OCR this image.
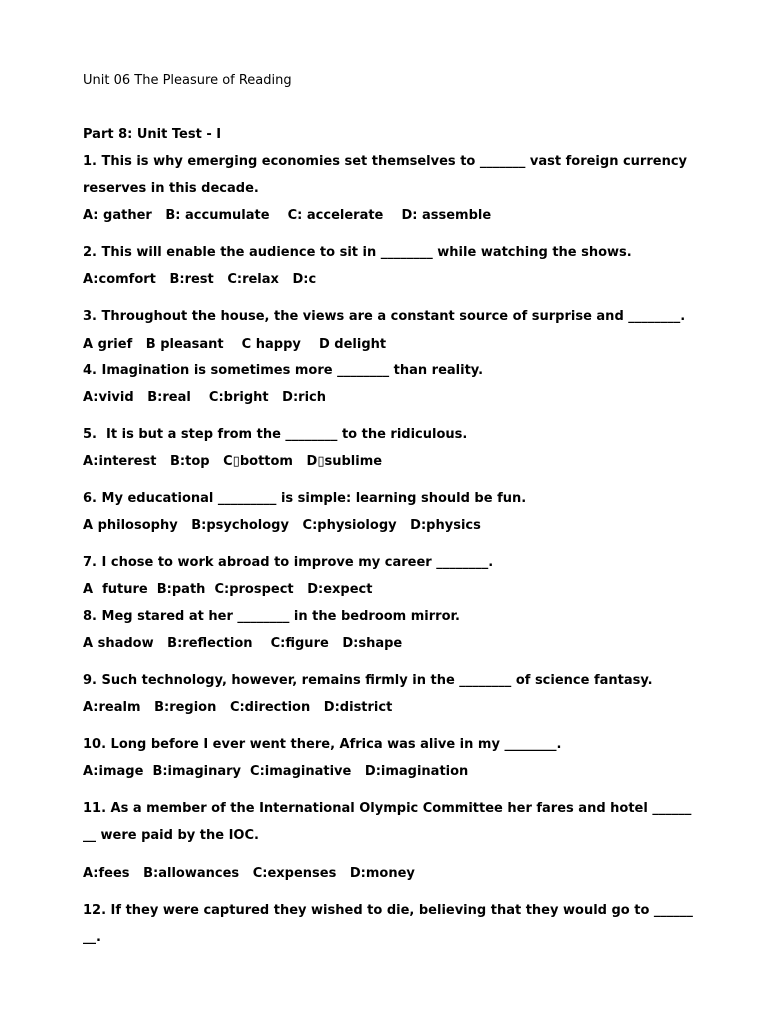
Unit 06 The Pleasure of Reading

Part 8: Unit Test - I

1. This is why emerging economies set themselves to _______ vast foreign currency

reserves in this decade.

A: gather   B: accumulate    C: accelerate    D: assemble

2. This will enable the audience to sit in ________ while watching the shows.

A:comfort   B:rest   C:relax   D:c

3. Throughout the house, the views are a constant source of surprise and ________.

A grief   B pleasant    C happy    D delight

4. Imagination is sometimes more ________ than reality.

A:vivid   B:real    C:bright   D:rich

5.  It is but a step from the ________ to the ridiculous.

A:interest   B:top   C▯bottom   D▯sublime

6. My educational _________ is simple: learning should be fun.

A philosophy   B:psychology   C:physiology   D:physics

7. I chose to work abroad to improve my career ________.

A  future  B:path  C:prospect   D:expect

8. Meg stared at her ________ in the bedroom mirror.

A shadow   B:reflection    C:figure   D:shape

9. Such technology, however, remains firmly in the ________ of science fantasy.

A:realm   B:region   C:direction   D:district

10. Long before I ever went there, Africa was alive in my ________.

A:image  B:imaginary  C:imaginative   D:imagination

11. As a member of the International Olympic Committee her fares and hotel ______

__ were paid by the IOC.

A:fees   B:allowances   C:expenses   D:money

12. If they were captured they wished to die, believing that they would go to ______

__.
